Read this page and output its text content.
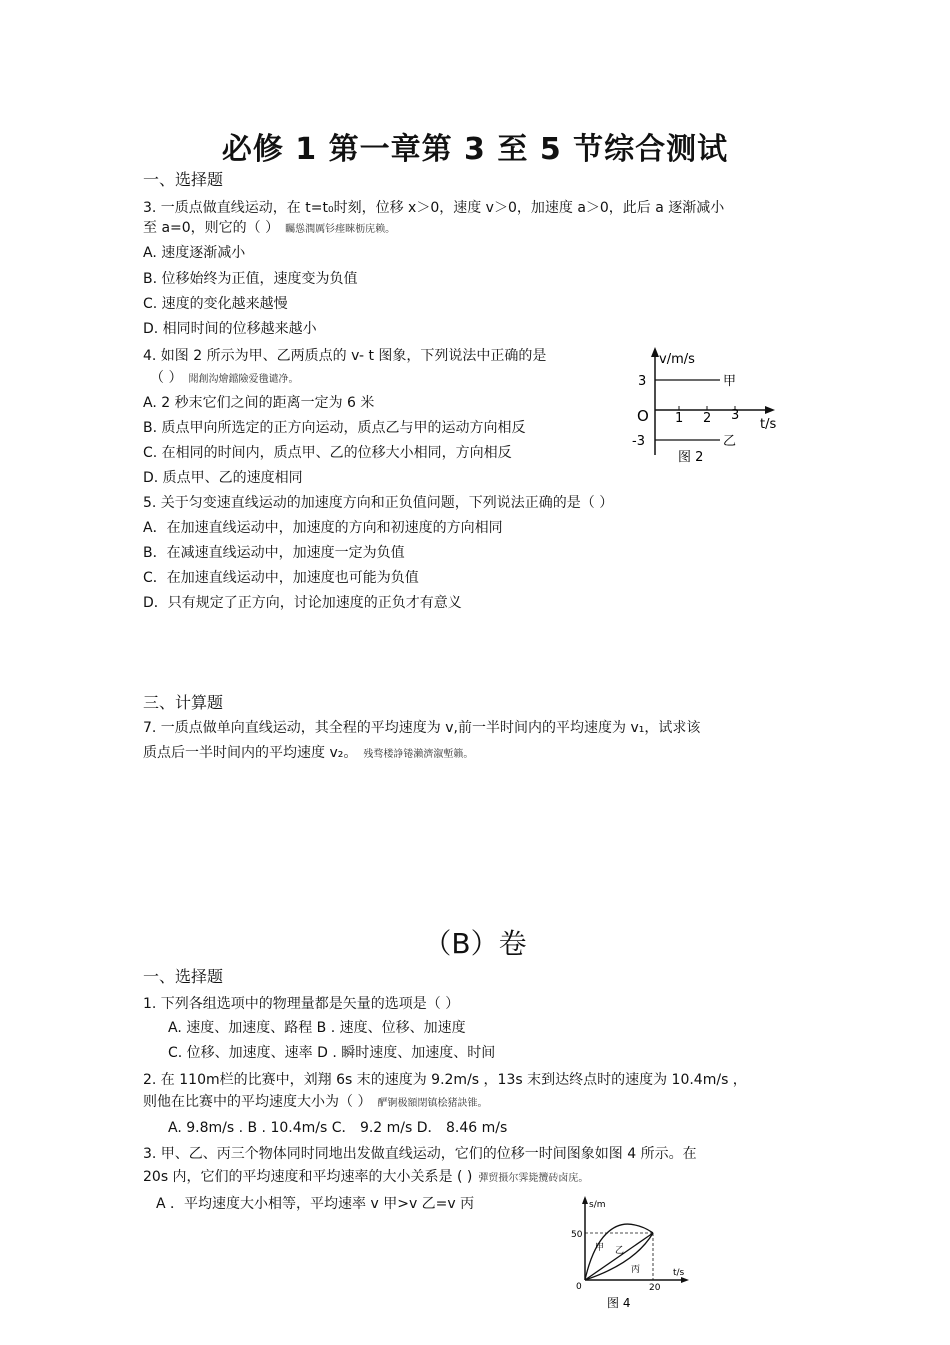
必修 1 第一章第 3 至 5 节综合测试
一、选择题
3. 一质点做直线运动，在 t=t₀时刻，位移 x＞0，速度 v＞0，加速度 a＞0，此后 a 逐渐减小
至 a=0，则它的（ ） 矚慫潤厲钐瘗睞枥庑赖。
A. 速度逐渐减小
B. 位移始终为正值，速度变为负值
C. 速度的变化越来越慢
D. 相同时间的位移越来越小
4. 如图 2 所示为甲、乙两质点的 v- t 图象，下列说法中正确的是
（ ） 聞創沟燴鐺險爱氇谴净。
A. 2 秒末它们之间的距离一定为 6 米
B. 质点甲向所选定的正方向运动，质点乙与甲的运动方向相反
C. 在相同的时间内，质点甲、乙的位移大小相同，方向相反
D. 质点甲、乙的速度相同
5. 关于匀变速直线运动的加速度方向和正负值问题，下列说法正确的是（ ）
A．在加速直线运动中，加速度的方向和初速度的方向相同
B．在减速直线运动中，加速度一定为负值
C．在加速直线运动中，加速度也可能为负值
D．只有规定了正方向，讨论加速度的正负才有意义
三、计算题
7. 一质点做单向直线运动，其全程的平均速度为 v,前一半时间内的平均速度为 v₁，试求该
质点后一半时间内的平均速度 v₂。 残骛楼諍锩瀨濟溆塹籟。
v/m/s
3
O
-3
1 2 3
t/s
甲
乙
图 2
（B）卷
一、选择题
1. 下列各组选项中的物理量都是矢量的选项是（ ）
A. 速度、加速度、路程 B . 速度、位移、加速度
C. 位移、加速度、速率 D . 瞬时速度、加速度、时间
2. 在 110m栏的比赛中，刘翔 6s 末的速度为 9.2m/s ，13s 末到达终点时的速度为 10.4m/s ，
则他在比赛中的平均速度大小为（ ） 酽锕极額閉镇桧猪訣锥。
A. 9.8m/s . B . 10.4m/s C． 9.2 m/s D． 8.46 m/s
3. 甲、乙、丙三个物体同时同地出发做直线运动，它们的位移一时间图象如图 4 所示。在
20s 内，它们的平均速度和平均速率的大小关系是 ( ) 彈贸摄尔霁毙攬砖卤庑。
A ．平均速度大小相等，平均速率 v 甲>v 乙=v 丙	s/m
50
0	20
t/s
甲 乙
丙
图 4
